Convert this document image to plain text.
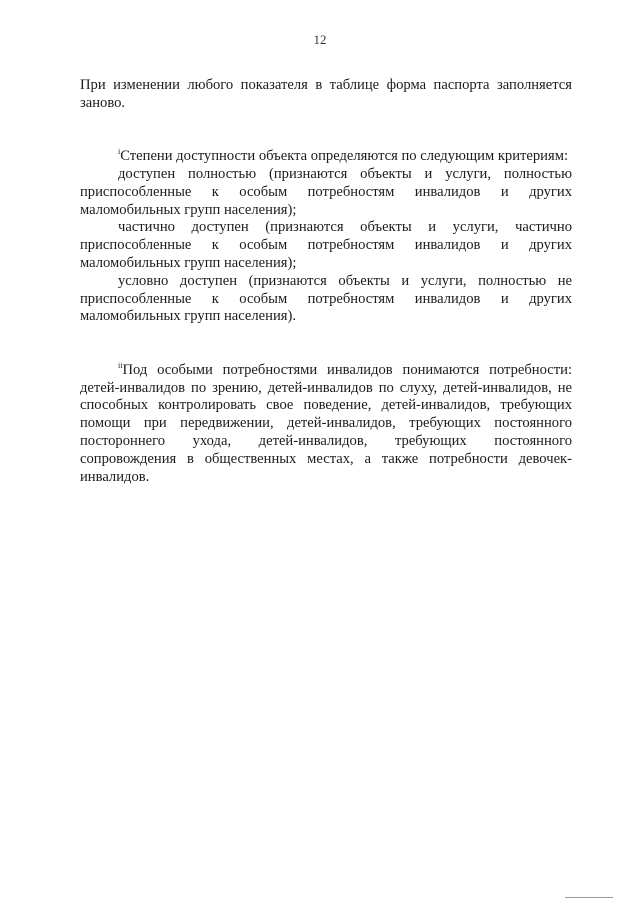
12

При изменении любого показателя в таблице форма паспорта заполняется заново.

$^i$Степени доступности объекта определяются по следующим критериям:

доступен полностью (признаются объекты и услуги, полностью приспособленные к особым потребностям инвалидов и других маломобильных групп населения);

частично доступен (признаются объекты и услуги, частично приспособленные к особым потребностям инвалидов и других маломобильных групп населения);

условно доступен (признаются объекты и услуги, полностью не приспособленные к особым потребностям инвалидов и других маломобильных групп населения).

$^{ii}$Под особыми потребностями инвалидов понимаются потребности: детей-инвалидов по зрению, детей-инвалидов по слуху, детей-инвалидов, не способных контролировать свое поведение, детей-инвалидов, требующих помощи при передвижении, детей-инвалидов, требующих постоянного постороннего ухода, детей-инвалидов, требующих постоянного сопровождения в общественных местах, а также потребности девочек-инвалидов.
